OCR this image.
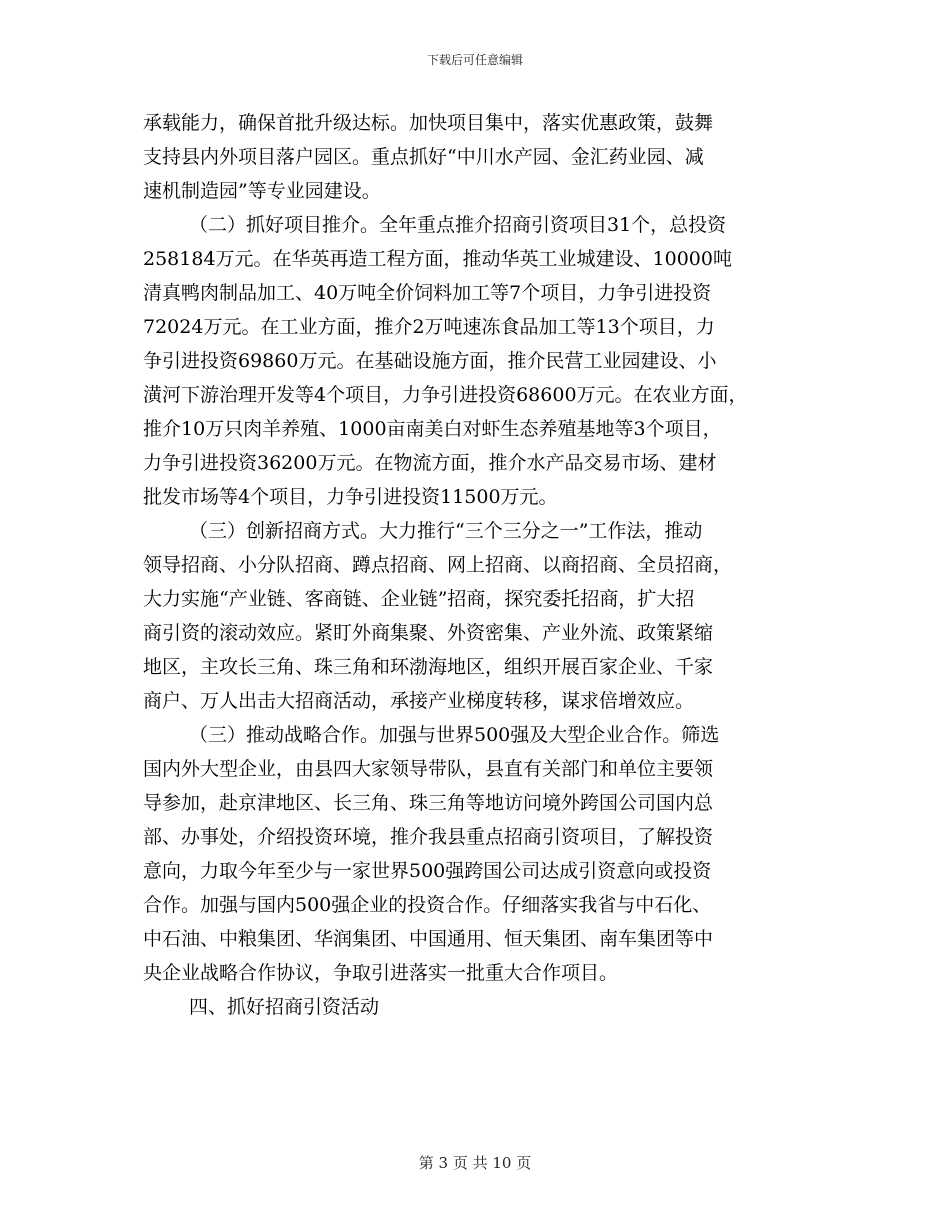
下载后可任意编辑
承载能力，确保首批升级达标。加快项目集中，落实优惠政策，鼓舞
支持县内外项目落户园区。重点抓好“中川水产园、金汇药业园、减
速机制造园”等专业园建设。
（二）抓好项目推介。全年重点推介招商引资项目31个，总投资
258184万元。在华英再造工程方面，推动华英工业城建设、10000吨
清真鸭肉制品加工、40万吨全价饲料加工等7个项目，力争引进投资
72024万元。在工业方面，推介2万吨速冻食品加工等13个项目，力
争引进投资69860万元。在基础设施方面，推介民营工业园建设、小
潢河下游治理开发等4个项目，力争引进投资68600万元。在农业方面，
推介10万只肉羊养殖、1000亩南美白对虾生态养殖基地等3个项目，
力争引进投资36200万元。在物流方面，推介水产品交易市场、建材
批发市场等4个项目，力争引进投资11500万元。
（三）创新招商方式。大力推行“三个三分之一”工作法，推动
领导招商、小分队招商、蹲点招商、网上招商、以商招商、全员招商，
大力实施“产业链、客商链、企业链”招商，探究委托招商，扩大招
商引资的滚动效应。紧盯外商集聚、外资密集、产业外流、政策紧缩
地区，主攻长三角、珠三角和环渤海地区，组织开展百家企业、千家
商户、万人出击大招商活动，承接产业梯度转移，谋求倍增效应。
（三）推动战略合作。加强与世界500强及大型企业合作。筛选
国内外大型企业，由县四大家领导带队，县直有关部门和单位主要领
导参加，赴京津地区、长三角、珠三角等地访问境外跨国公司国内总
部、办事处，介绍投资环境，推介我县重点招商引资项目，了解投资
意向，力取今年至少与一家世界500强跨国公司达成引资意向或投资
合作。加强与国内500强企业的投资合作。仔细落实我省与中石化、
中石油、中粮集团、华润集团、中国通用、恒天集团、南车集团等中
央企业战略合作协议，争取引进落实一批重大合作项目。
四、抓好招商引资活动
第 3 页 共 10 页
